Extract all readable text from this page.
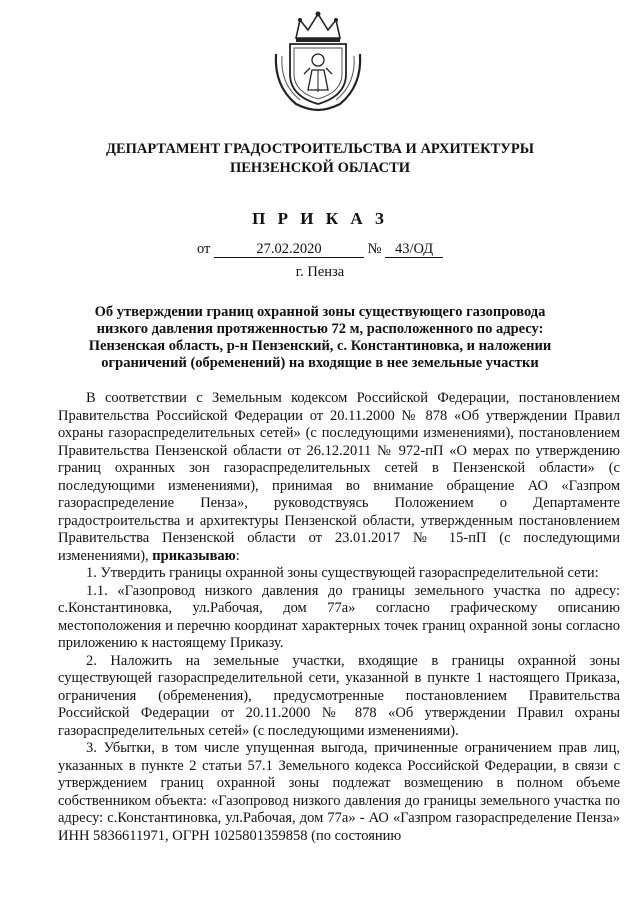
ДЕПАРТАМЕНТ ГРАДОСТРОИТЕЛЬСТВА И АРХИТЕКТУРЫ
ПЕНЗЕНСКОЙ ОБЛАСТИ
П Р И К А З
от	27.02.2020	№ 43/ОД
г. Пенза
Об утверждении границ охранной зоны существующего газопровода низкого давления протяженностью 72 м, расположенного по адресу: Пензенская область, р-н Пензенский, с. Константиновка, и наложении ограничений (обременений) на входящие в нее земельные участки

В соответствии с Земельным кодексом Российской Федерации, постановлением Правительства Российской Федерации от 20.11.2000 № 878 «Об утверждении Правил охраны газораспределительных сетей» (с последующими изменениями), постановлением Правительства Пензенской области от 26.12.2011 № 972-пП «О мерах по утверждению границ охранных зон газораспределительных сетей в Пензенской области» (с последующими изменениями), принимая во внимание обращение АО «Газпром газораспределение Пенза», руководствуясь Положением о Департаменте градостроительства и архитектуры Пензенской области, утвержденным постановлением Правительства Пензенской области от 23.01.2017 № 15-пП (с последующими изменениями), приказываю:

1. Утвердить границы охранной зоны существующей газораспределительной сети:

1.1. «Газопровод низкого давления до границы земельного участка по адресу: с.Константиновка, ул.Рабочая, дом 77а» согласно графическому описанию местоположения и перечню координат характерных точек границ охранной зоны согласно приложению к настоящему Приказу.

2. Наложить на земельные участки, входящие в границы охранной зоны существующей газораспределительной сети, указанной в пункте 1 настоящего Приказа, ограничения (обременения), предусмотренные постановлением Правительства Российской Федерации от 20.11.2000 № 878 «Об утверждении Правил охраны газораспределительных сетей» (с последующими изменениями).

3. Убытки, в том числе упущенная выгода, причиненные ограничением прав лиц, указанных в пункте 2 статьи 57.1 Земельного кодекса Российской Федерации, в связи с утверждением границ охранной зоны подлежат возмещению в полном объеме собственником объекта: «Газопровод низкого давления до границы земельного участка по адресу: с.Константиновка, ул.Рабочая, дом 77а» - АО «Газпром газораспределение Пенза» ИНН 5836611971, ОГРН 1025801359858 (по состоянию
